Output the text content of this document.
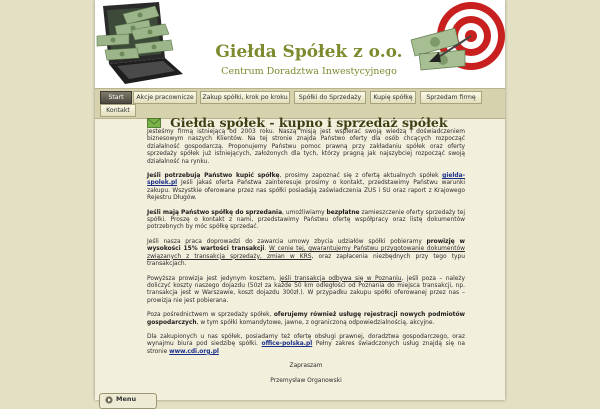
Giełda Spółek z o.o.
Centrum Doradztwa Inwestycyjnego
Start	Akcje pracownicze	Zakup spółki, krok po kroku	Spółki do Sprzedaży	Kupię spółkę	Sprzedam firmę
Kontakt
Giełda spółek - kupno i sprzedaż spółek

Jesteśmy firmą istniejącą od 2003 roku. Naszą misją jest wspierać swoją wiedzą i doświadczeniem biznesowym naszych Klientów. Na tej stronie znajda Państwo oferty dla osób chcących rozpocząć działalność gospodarczą. Proponujemy Państwu pomoc prawną przy zakładaniu spółek oraz oferty sprzedaży spółek już istniejących, założonych dla tych, którzy pragną jak najszybciej rozpocząć swoją działalność na rynku.

Jeśli potrzebują Państwo kupić spółkę, prosimy zapoznać się z ofertą aktualnych spółek gielda-spolek.pl Jeśli jakaś oferta Państwa zainteresuje prosimy o kontakt, przedstawimy Państwu warunki zakupu. Wszystkie oferowane przez nas spółki posiadają zaświadczenia ZUS i SU oraz raport z Krajowego Rejestru Długów.

Jeśli mają Państwo spółkę do sprzedania, umożliwiamy bezpłatne zamieszczenie oferty sprzedaży tej spółki. Proszę o kontakt z nami, przedstawimy Państwu ofertę współpracy oraz listę dokumentów potrzebnych by móc spółkę sprzedać.

Jeśli nasza praca doprowadzi do zawarcia umowy zbycia udziałów spółki pobieramy prowizję w wysokości 15% wartości transakcji. W cenie tej, gwarantujemy Państwu przygotowanie dokumentów związanych z transakcją sprzedaży, zmian w KRS, oraz zapłacenia niezbędnych przy tego typu transakcjach.

Powyższa prowizja jest jedynym kosztem, jeśli transakcja odbywa się w Poznaniu, jeśli poza – należy doliczyć koszty naszego dojazdu (50zł za każde 50 km odległości od Poznania do miejsca transakcji, np. transakcja jest w Warszawie, koszt dojazdu 300zł.). W przypadku zakupu spółki oferowanej przez nas – prowizja nie jest pobierana.

Poza pośrednictwem w sprzedaży spółek, oferujemy również usługę rejestracji nowych podmiotów gospodarczych, w tym spółki komandytowe, jawne, z ograniczoną odpowiedzialnością, akcyjne.

Dla zakupionych u nas spółek, posiadamy też ofertę obsługi prawnej, doradztwa gospodarczego, oraz wynajmu biura pod siedzibę spółki. office-polska.pl Pełny zakres świadczonych usług znajdą się na stronie www.cdi.org.pl

Zapraszam

Przemysław Organowski

Menu
